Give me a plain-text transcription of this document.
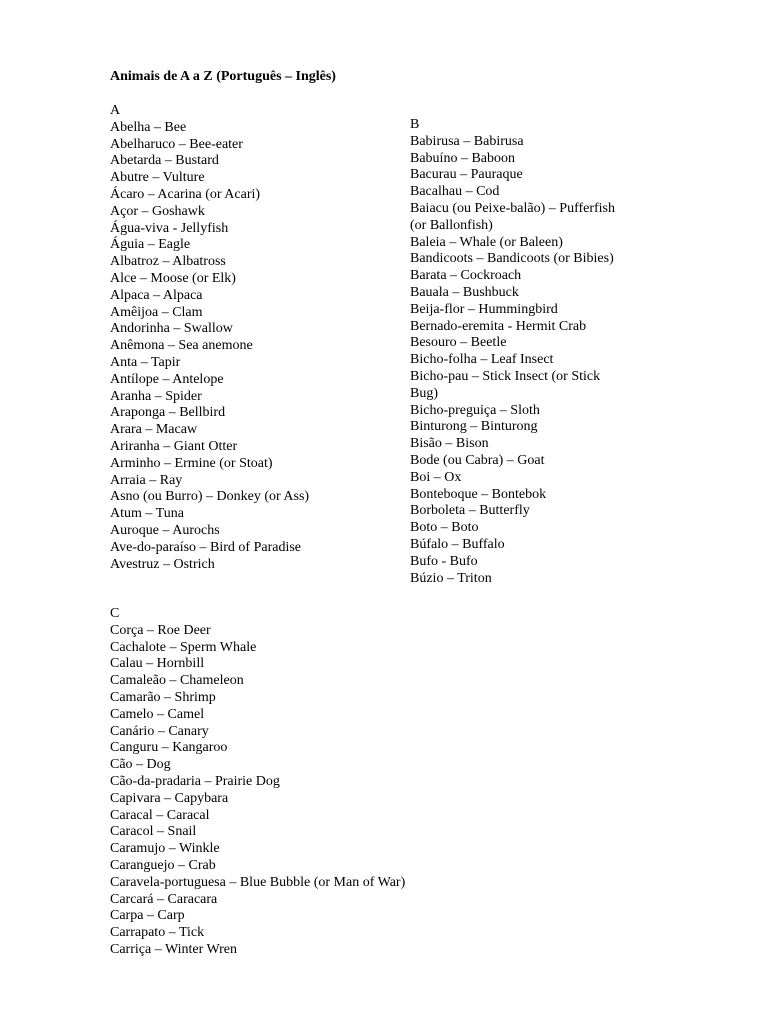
Animais de A a Z (Português – Inglês)
A
Abelha – Bee
Abelharuco – Bee-eater
Abetarda – Bustard
Abutre – Vulture
Ácaro – Acarina (or Acari)
Açor – Goshawk
Água-viva - Jellyfish
Águia – Eagle
Albatroz – Albatross
Alce – Moose (or Elk)
Alpaca – Alpaca
Amêijoa – Clam
Andorinha – Swallow
Anêmona – Sea anemone
Anta – Tapir
Antílope – Antelope
Aranha – Spider
Araponga – Bellbird
Arara – Macaw
Ariranha – Giant Otter
Arminho – Ermine (or Stoat)
Arraia – Ray
Asno (ou Burro) – Donkey (or Ass)
Atum – Tuna
Auroque – Aurochs
Ave-do-paraíso – Bird of Paradise
Avestruz – Ostrich
B
Babirusa – Babirusa
Babuíno – Baboon
Bacurau – Pauraque
Bacalhau – Cod
Baiacu (ou Peixe-balão) – Pufferfish (or Ballonfish)
Baleia – Whale (or Baleen)
Bandicoots – Bandicoots (or Bibies)
Barata – Cockroach
Bauala – Bushbuck
Beija-flor – Hummingbird
Bernado-eremita - Hermit Crab
Besouro – Beetle
Bicho-folha – Leaf Insect
Bicho-pau – Stick Insect (or Stick Bug)
Bicho-preguiça – Sloth
Binturong – Binturong
Bisão – Bison
Bode (ou Cabra) – Goat
Boi – Ox
Bonteboque – Bontebok
Borboleta – Butterfly
Boto – Boto
Búfalo – Buffalo
Bufo - Bufo
Búzio – Triton
C
Corça – Roe Deer
Cachalote – Sperm Whale
Calau – Hornbill
Camaleão – Chameleon
Camarão – Shrimp
Camelo – Camel
Canário – Canary
Canguru – Kangaroo
Cão – Dog
Cão-da-pradaria – Prairie Dog
Capivara – Capybara
Caracal – Caracal
Caracol – Snail
Caramujo – Winkle
Caranguejo – Crab
Caravela-portuguesa – Blue Bubble (or Man of War)
Carcará – Caracara
Carpa – Carp
Carrapato – Tick
Carriça – Winter Wren
